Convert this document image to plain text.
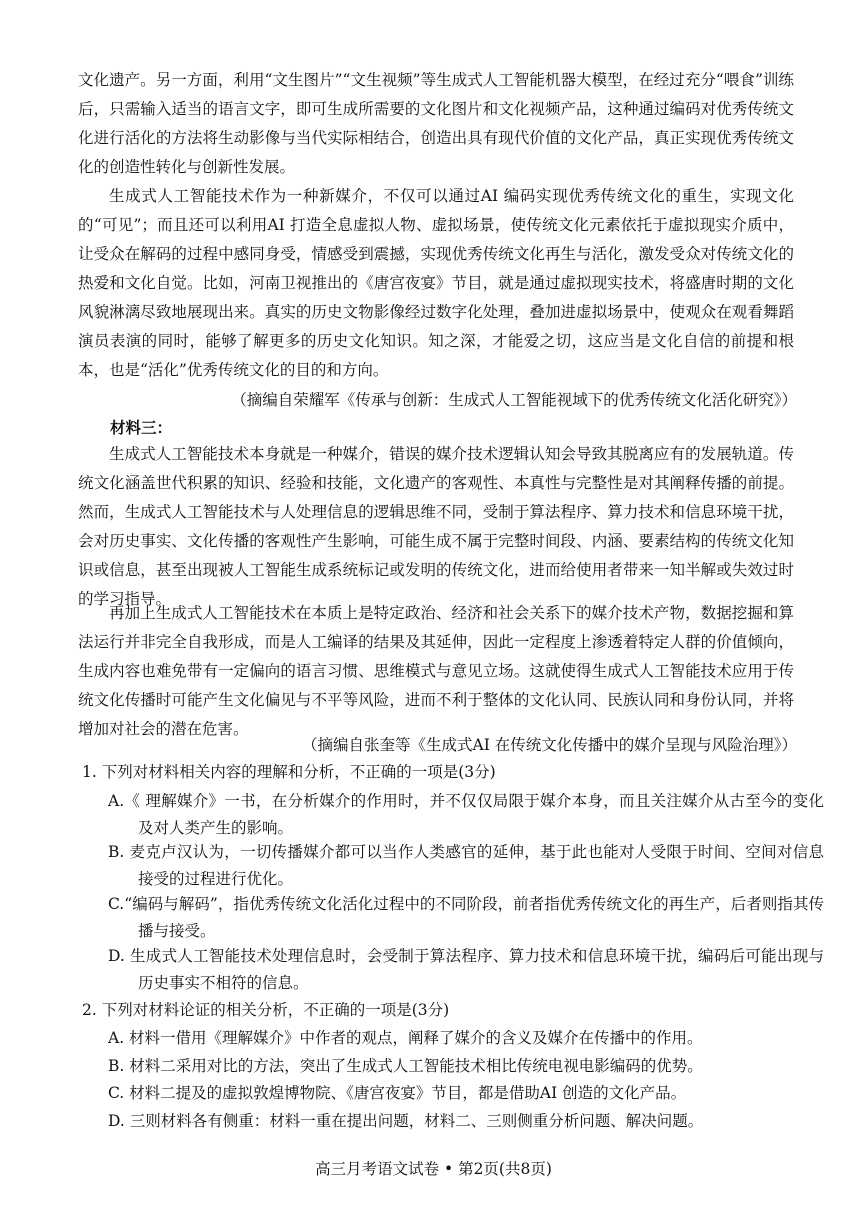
文化遗产。另一方面，利用“文生图片”“文生视频”等生成式人工智能机器大模型，在经过充分“喂食”训练后，只需输入适当的语言文字，即可生成所需要的文化图片和文化视频产品，这种通过编码对优秀传统文化进行活化的方法将生动影像与当代实际相结合，创造出具有现代价值的文化产品，真正实现优秀传统文化的创造性转化与创新性发展。

生成式人工智能技术作为一种新媒介，不仅可以通过AI 编码实现优秀传统文化的重生，实现文化的“可见”；而且还可以利用AI 打造全息虚拟人物、虚拟场景，使传统文化元素依托于虚拟现实介质中，让受众在解码的过程中感同身受，情感受到震撼，实现优秀传统文化再生与活化，激发受众对传统文化的热爱和文化自觉。比如，河南卫视推出的《唐宫夜宴》节目，就是通过虚拟现实技术，将盛唐时期的文化风貌淋漓尽致地展现出来。真实的历史文物影像经过数字化处理，叠加进虚拟场景中，使观众在观看舞蹈演员表演的同时，能够了解更多的历史文化知识。知之深，才能爱之切，这应当是文化自信的前提和根本，也是“活化”优秀传统文化的目的和方向。

（摘编自荣耀军《传承与创新：生成式人工智能视域下的优秀传统文化活化研究》）

材料三：

生成式人工智能技术本身就是一种媒介，错误的媒介技术逻辑认知会导致其脱离应有的发展轨道。传统文化涵盖世代积累的知识、经验和技能，文化遗产的客观性、本真性与完整性是对其阐释传播的前提。然而，生成式人工智能技术与人处理信息的逻辑思维不同，受制于算法程序、算力技术和信息环境干扰，会对历史事实、文化传播的客观性产生影响，可能生成不属于完整时间段、内涵、要素结构的传统文化知识或信息，甚至出现被人工智能生成系统标记或发明的传统文化，进而给使用者带来一知半解或失效过时的学习指导。

再加上生成式人工智能技术在本质上是特定政治、经济和社会关系下的媒介技术产物，数据挖掘和算法运行并非完全自我形成，而是人工编译的结果及其延伸，因此一定程度上渗透着特定人群的价值倾向，生成内容也难免带有一定偏向的语言习惯、思维模式与意见立场。这就使得生成式人工智能技术应用于传统文化传播时可能产生文化偏见与不平等风险，进而不利于整体的文化认同、民族认同和身份认同，并将增加对社会的潜在危害。

（摘编自张奎等《生成式AI 在传统文化传播中的媒介呈现与风险治理》）

1. 下列对材料相关内容的理解和分析，不正确的一项是(3分)

A.《 理解媒介》一书，在分析媒介的作用时，并不仅仅局限于媒介本身，而且关注媒介从古至今的变化及对人类产生的影响。

B. 麦克卢汉认为，一切传播媒介都可以当作人类感官的延伸，基于此也能对人受限于时间、空间对信息接受的过程进行优化。

C.“编码与解码”，指优秀传统文化活化过程中的不同阶段，前者指优秀传统文化的再生产，后者则指其传播与接受。

D. 生成式人工智能技术处理信息时，会受制于算法程序、算力技术和信息环境干扰，编码后可能出现与历史事实不相符的信息。

2. 下列对材料论证的相关分析，不正确的一项是(3分)

A. 材料一借用《理解媒介》中作者的观点，阐释了媒介的含义及媒介在传播中的作用。

B. 材料二采用对比的方法，突出了生成式人工智能技术相比传统电视电影编码的优势。

C. 材料二提及的虚拟敦煌博物院、《唐宫夜宴》节目，都是借助AI 创造的文化产品。

D. 三则材料各有侧重：材料一重在提出问题，材料二、三则侧重分析问题、解决问题。

高三月考语文试卷 • 第2页(共8页)
